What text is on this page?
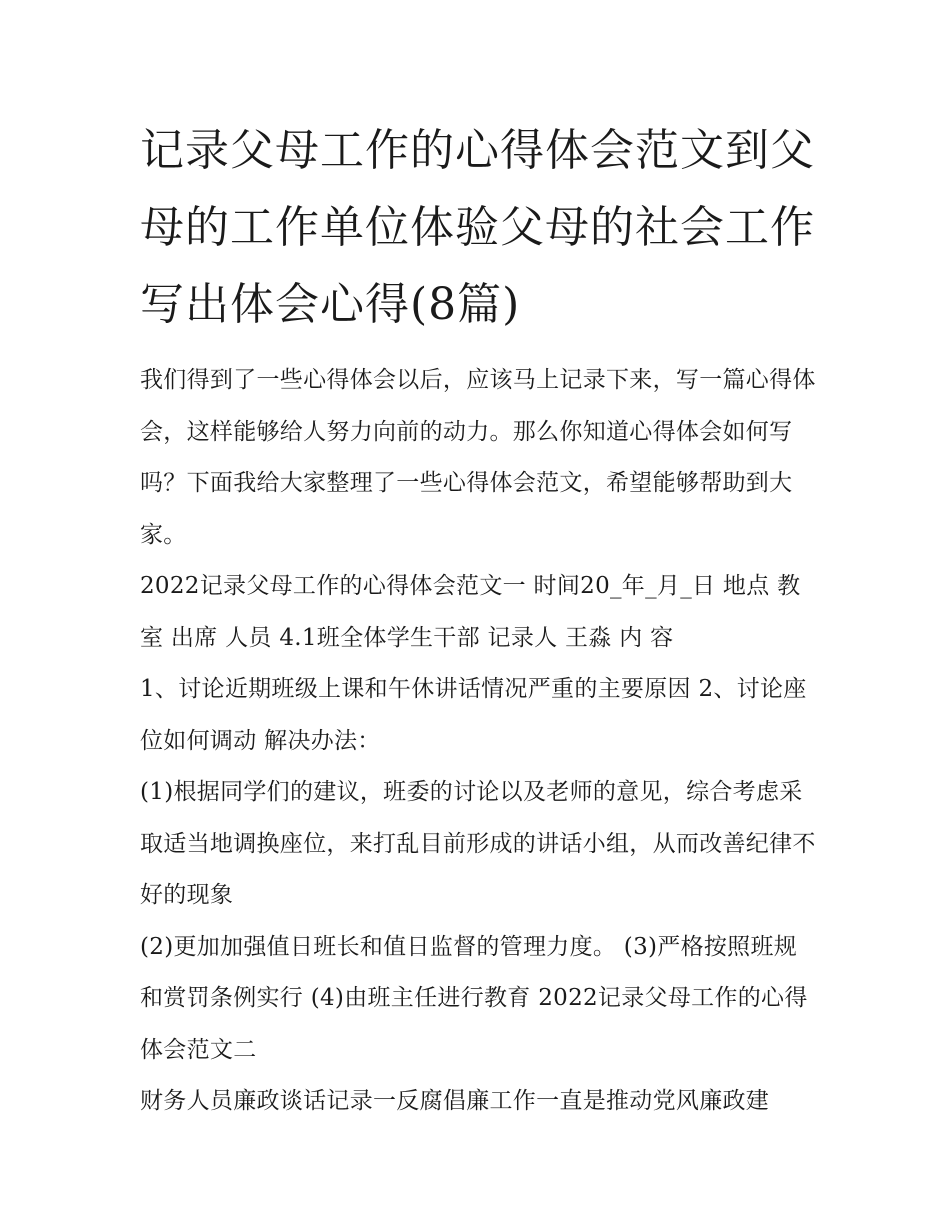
记录父母工作的心得体会范文到父母的工作单位体验父母的社会工作写出体会心得(8篇)

我们得到了一些心得体会以后，应该马上记录下来，写一篇心得体会，这样能够给人努力向前的动力。那么你知道心得体会如何写吗？下面我给大家整理了一些心得体会范文，希望能够帮助到大家。

2022记录父母工作的心得体会范文一 时间20_年_月_日 地点 教 室 出席 人员 4.1班全体学生干部 记录人 王淼 内 容

1、讨论近期班级上课和午休讲话情况严重的主要原因 2、讨论座位如何调动 解决办法：

(1)根据同学们的建议，班委的讨论以及老师的意见，综合考虑采取适当地调换座位，来打乱目前形成的讲话小组，从而改善纪律不好的现象

(2)更加加强值日班长和值日监督的管理力度。 (3)严格按照班规和赏罚条例实行 (4)由班主任进行教育 2022记录父母工作的心得体会范文二

财务人员廉政谈话记录一反腐倡廉工作一直是推动党风廉政建
